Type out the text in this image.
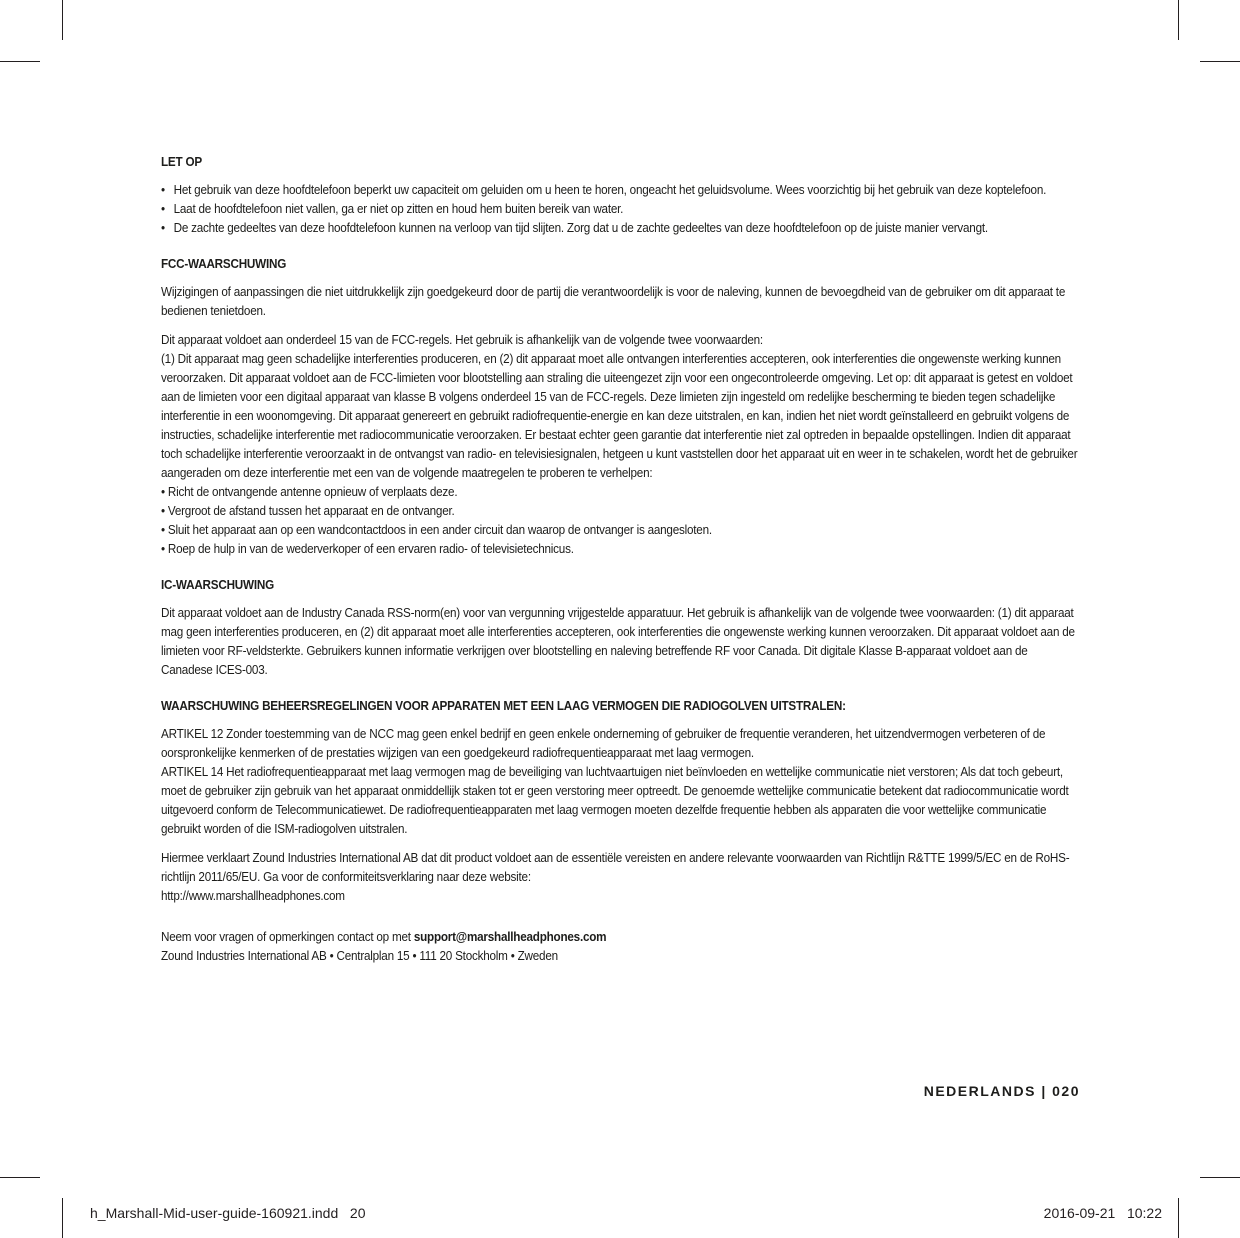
LET OP
• Het gebruik van deze hoofdtelefoon beperkt uw capaciteit om geluiden om u heen te horen, ongeacht het geluidsvolume. Wees voorzichtig bij het gebruik van deze koptelefoon.
• Laat de hoofdtelefoon niet vallen, ga er niet op zitten en houd hem buiten bereik van water.
• De zachte gedeeltes van deze hoofdtelefoon kunnen na verloop van tijd slijten. Zorg dat u de zachte gedeeltes van deze hoofdtelefoon op de juiste manier vervangt.
FCC-WAARSCHUWING

Wijzigingen of aanpassingen die niet uitdrukkelijk zijn goedgekeurd door de partij die verantwoordelijk is voor de naleving, kunnen de bevoegdheid van de gebruiker om dit apparaat te bedienen tenietdoen.

Dit apparaat voldoet aan onderdeel 15 van de FCC-regels. Het gebruik is afhankelijk van de volgende twee voorwaarden:
(1) Dit apparaat mag geen schadelijke interferenties produceren, en (2) dit apparaat moet alle ontvangen interferenties accepteren, ook interferenties die ongewenste werking kunnen veroorzaken. Dit apparaat voldoet aan de FCC-limieten voor blootstelling aan straling die uiteengezet zijn voor een ongecontroleerde omgeving. Let op: dit apparaat is getest en voldoet aan de limieten voor een digitaal apparaat van klasse B volgens onderdeel 15 van de FCC-regels. Deze limieten zijn ingesteld om redelijke bescherming te bieden tegen schadelijke interferentie in een woonomgeving. Dit apparaat genereert en gebruikt radiofrequentie-energie en kan deze uitstralen, en kan, indien het niet wordt geïnstalleerd en gebruikt volgens de instructies, schadelijke interferentie met radiocommunicatie veroorzaken. Er bestaat echter geen garantie dat interferentie niet zal optreden in bepaalde opstellingen. Indien dit apparaat toch schadelijke interferentie veroorzaakt in de ontvangst van radio- en televisiesignalen, hetgeen u kunt vaststellen door het apparaat uit en weer in te schakelen, wordt het de gebruiker aangeraden om deze interferentie met een van de volgende maatregelen te proberen te verhelpen:
• Richt de ontvangende antenne opnieuw of verplaats deze.
• Vergroot de afstand tussen het apparaat en de ontvanger.
• Sluit het apparaat aan op een wandcontactdoos in een ander circuit dan waarop de ontvanger is aangesloten.
• Roep de hulp in van de wederverkoper of een ervaren radio- of televisietechnicus.

IC-WAARSCHUWING

Dit apparaat voldoet aan de Industry Canada RSS-norm(en) voor van vergunning vrijgestelde apparatuur. Het gebruik is afhankelijk van de volgende twee voorwaarden: (1) dit apparaat mag geen interferenties produceren, en (2) dit apparaat moet alle interferenties accepteren, ook interferenties die ongewenste werking kunnen veroorzaken. Dit apparaat voldoet aan de limieten voor RF-veldsterkte. Gebruikers kunnen informatie verkrijgen over blootstelling en naleving betreffende RF voor Canada. Dit digitale Klasse B-apparaat voldoet aan de Canadese ICES-003.

WAARSCHUWING BEHEERSREGELINGEN VOOR APPARATEN MET EEN LAAG VERMOGEN DIE RADIOGOLVEN UITSTRALEN:

ARTIKEL 12 Zonder toestemming van de NCC mag geen enkel bedrijf en geen enkele onderneming of gebruiker de frequentie veranderen, het uitzendvermogen verbeteren of de oorspronkelijke kenmerken of de prestaties wijzigen van een goedgekeurd radiofrequentieapparaat met laag vermogen.
ARTIKEL 14 Het radiofrequentieapparaat met laag vermogen mag de beveiliging van luchtvaartuigen niet beïnvloeden en wettelijke communicatie niet verstoren; Als dat toch gebeurt, moet de gebruiker zijn gebruik van het apparaat onmiddellijk staken tot er geen verstoring meer optreedt. De genoemde wettelijke communicatie betekent dat radiocommunicatie wordt uitgevoerd conform de Telecommunicatiewet. De radiofrequentieapparaten met laag vermogen moeten dezelfde frequentie hebben als apparaten die voor wettelijke communicatie gebruikt worden of die ISM-radiogolven uitstralen.

Hiermee verklaart Zound Industries International AB dat dit product voldoet aan de essentiële vereisten en andere relevante voorwaarden van Richtlijn R&TTE 1999/5/EC en de RoHS-richtlijn 2011/65/EU. Ga voor de conformiteitsverklaring naar deze website:
http://www.marshallheadphones.com

Neem voor vragen of opmerkingen contact op met support@marshallheadphones.com
Zound Industries International AB • Centralplan 15 • 111 20 Stockholm • Zweden
NEDERLANDS | 020
h_Marshall-Mid-user-guide-160921.indd   20	2016-09-21   10:22
